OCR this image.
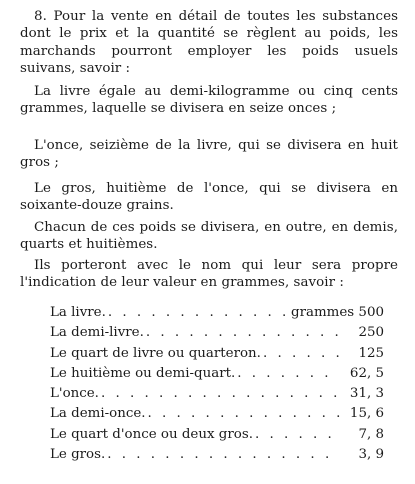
8. Pour la vente en détail de toutes les substances dont le prix et la quantité se règlent au poids, les marchands pourront employer les poids usuels suivans, savoir :

La livre égale au demi-kilogramme ou cinq cents grammes, laquelle se divisera en seize onces ;

L'once, seizième de la livre, qui se divisera en huit gros ;

Le gros, huitième de l'once, qui se divisera en soixante-douze grains.

Chacun de ces poids se divisera, en outre, en demis, quarts et huitièmes.

Ils porteront avec le nom qui leur sera propre l'indication de leur valeur en grammes, savoir :

La livre. . . .	grammes 500
La demi-livre. . . .	250
Le quart de livre ou quarteron. . . .	125
Le huitième ou demi-quart. . . .	62, 5
L'once. . . .	31, 3
La demi-once. . . .	15, 6
Le quart d'once ou deux gros. . . .	7, 8
Le gros. . . .	3, 9
